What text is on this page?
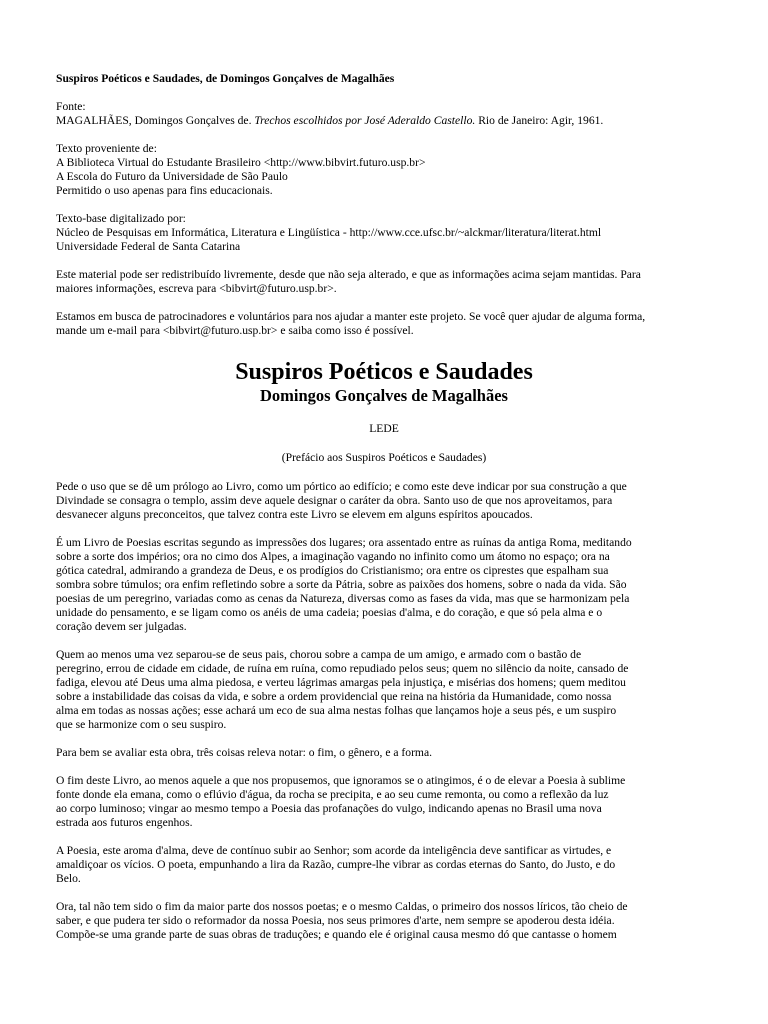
Suspiros Poéticos e Saudades, de Domingos Gonçalves de Magalhães

Fonte:
MAGALHÃES, Domingos Gonçalves de. Trechos escolhidos por José Aderaldo Castello. Rio de Janeiro: Agir, 1961.

Texto proveniente de:
A Biblioteca Virtual do Estudante Brasileiro <http://www.bibvirt.futuro.usp.br>
A Escola do Futuro da Universidade de São Paulo
Permitido o uso apenas para fins educacionais.

Texto-base digitalizado por:
Núcleo de Pesquisas em Informática, Literatura e Lingüística - http://www.cce.ufsc.br/~alckmar/literatura/literat.html
Universidade Federal de Santa Catarina

Este material pode ser redistribuído livremente, desde que não seja alterado, e que as informações acima sejam mantidas. Para
maiores informações, escreva para <bibvirt@futuro.usp.br>.

Estamos em busca de patrocinadores e voluntários para nos ajudar a manter este projeto. Se você quer ajudar de alguma forma,
mande um e-mail para <bibvirt@futuro.usp.br> e saiba como isso é possível.

Suspiros Poéticos e Saudades
Domingos Gonçalves de Magalhães
LEDE
(Prefácio aos Suspiros Poéticos e Saudades)

Pede o uso que se dê um prólogo ao Livro, como um pórtico ao edifício; e como este deve indicar por sua construção a que
Divindade se consagra o templo, assim deve aquele designar o caráter da obra. Santo uso de que nos aproveitamos, para
desvanecer alguns preconceitos, que talvez contra este Livro se elevem em alguns espíritos apoucados.

É um Livro de Poesias escritas segundo as impressões dos lugares; ora assentado entre as ruínas da antiga Roma, meditando
sobre a sorte dos impérios; ora no cimo dos Alpes, a imaginação vagando no infinito como um átomo no espaço; ora na
gótica catedral, admirando a grandeza de Deus, e os prodígios do Cristianismo; ora entre os ciprestes que espalham sua
sombra sobre túmulos; ora enfim refletindo sobre a sorte da Pátria, sobre as paixões dos homens, sobre o nada da vida. São
poesias de um peregrino, variadas como as cenas da Natureza, diversas como as fases da vida, mas que se harmonizam pela
unidade do pensamento, e se ligam como os anéis de uma cadeia; poesias d'alma, e do coração, e que só pela alma e o
coração devem ser julgadas.

Quem ao menos uma vez separou-se de seus pais, chorou sobre a campa de um amigo, e armado com o bastão de
peregrino, errou de cidade em cidade, de ruína em ruína, como repudiado pelos seus; quem no silêncio da noite, cansado de
fadiga, elevou até Deus uma alma piedosa, e verteu lágrimas amargas pela injustiça, e misérias dos homens; quem meditou
sobre a instabilidade das coisas da vida, e sobre a ordem providencial que reina na história da Humanidade, como nossa
alma em todas as nossas ações; esse achará um eco de sua alma nestas folhas que lançamos hoje a seus pés, e um suspiro
que se harmonize com o seu suspiro.

Para bem se avaliar esta obra, três coisas releva notar: o fim, o gênero, e a forma.

O fim deste Livro, ao menos aquele a que nos propusemos, que ignoramos se o atingimos, é o de elevar a Poesia à sublime
fonte donde ela emana, como o eflúvio d'água, da rocha se precipita, e ao seu cume remonta, ou como a reflexão da luz
ao corpo luminoso; vingar ao mesmo tempo a Poesia das profanações do vulgo, indicando apenas no Brasil uma nova
estrada aos futuros engenhos.

A Poesia, este aroma d'alma, deve de contínuo subir ao Senhor; som acorde da inteligência deve santificar as virtudes, e
amaldiçoar os vícios. O poeta, empunhando a lira da Razão, cumpre-lhe vibrar as cordas eternas do Santo, do Justo, e do
Belo.

Ora, tal não tem sido o fim da maior parte dos nossos poetas; e o mesmo Caldas, o primeiro dos nossos líricos, tão cheio de
saber, e que pudera ter sido o reformador da nossa Poesia, nos seus primores d'arte, nem sempre se apoderou desta idéia.
Compõe-se uma grande parte de suas obras de traduções; e quando ele é original causa mesmo dó que cantasse o homem
